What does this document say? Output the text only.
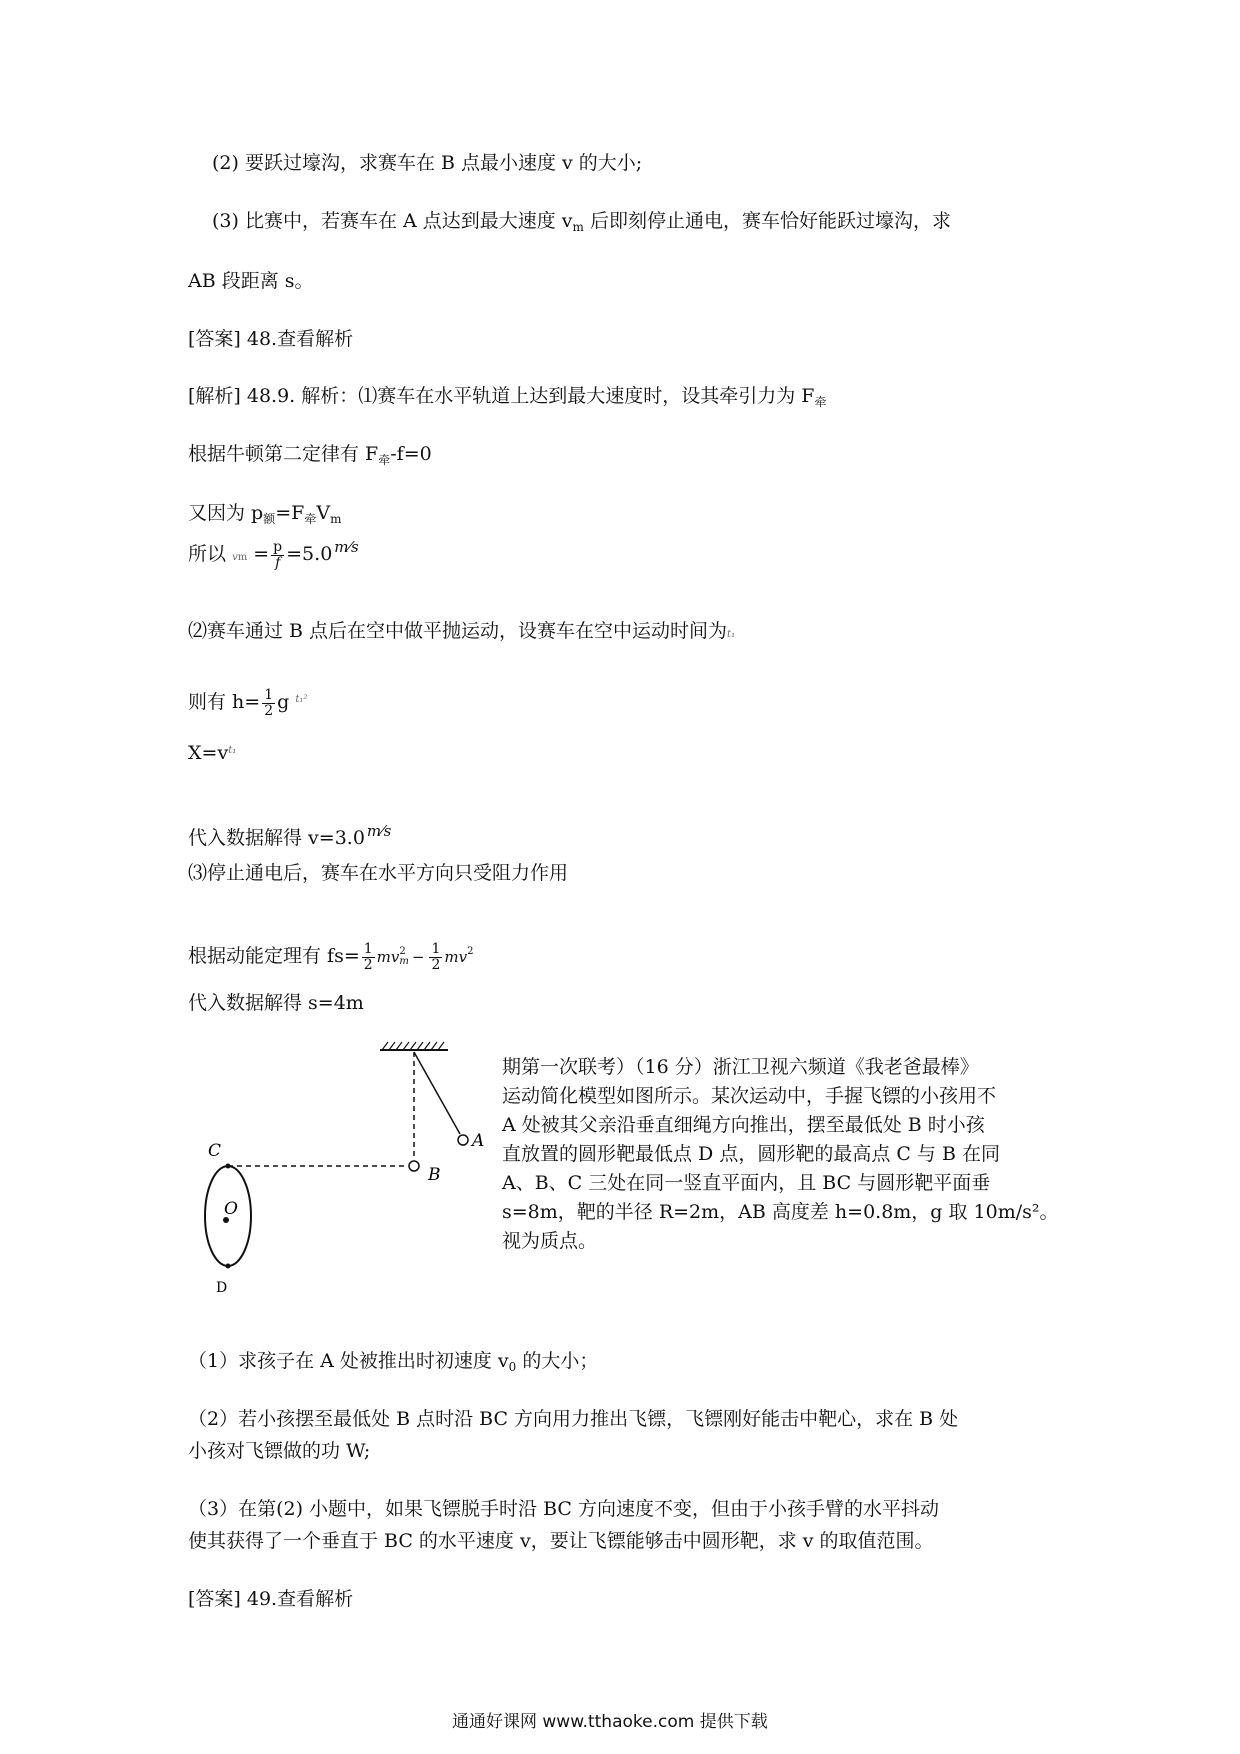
(2) 要跃过壕沟，求赛车在 B 点最小速度 v 的大小;
(3) 比赛中，若赛车在 A 点达到最大速度 $v_m$ 后即刻停止通电，赛车恰好能跃过壕沟，求
AB 段距离 s。
[答案] 48.查看解析
[解析] 48.9. 解析：⑴赛车在水平轨道上达到最大速度时，设其牵引力为 $F_牵$
根据牛顿第二定律有 $F_牵-f=0$
又因为 $p_额=F_牵V_m$
所以 vm = $\frac{p}{f} =5.0$ m⁄s
⑵赛车通过 B 点后在空中做平抛运动，设赛车在空中运动时间为t₁
则有 $h= \frac{1}{2}$ g $^{t_1^2}$
$X=v^{t_1}$
代入数据解得 v=3.0 m⁄s
⑶停止通电后，赛车在水平方向只受阻力作用
根据动能定理有 $fs= \frac{1}{2}$ mv 2
$m - \frac{1}{2} mv^2$
代入数据解得 s=4m
C
O
D
B
A
期第一次联考）（16 分）浙江卫视六频道《我老爸最棒》
运动简化模型如图所示。某次运动中，手握飞镖的小孩用不
A 处被其父亲沿垂直细绳方向推出，摆至最低处 B 时小孩
直放置的圆形靶最低点 D 点，圆形靶的最高点 C 与 B 在同
A、B、C 三处在同一竖直平面内，且 BC 与圆形靶平面垂
s=8m，靶的半径 R=2m，AB 高度差 h=0.8m，g 取 10m/s²。
视为质点。
（1）求孩子在 A 处被推出时初速度 $v_0$ 的大小；
（2）若小孩摆至最低处 B 点时沿 BC 方向用力推出飞镖，飞镖刚好能击中靶心，求在 B 处
小孩对飞镖做的功 W;
（3）在第(2) 小题中，如果飞镖脱手时沿 BC 方向速度不变，但由于小孩手臂的水平抖动
使其获得了一个垂直于 BC 的水平速度 v，要让飞镖能够击中圆形靶，求 v 的取值范围。
[答案] 49.查看解析
通通好课网 www.tthaoke.com 提供下载
